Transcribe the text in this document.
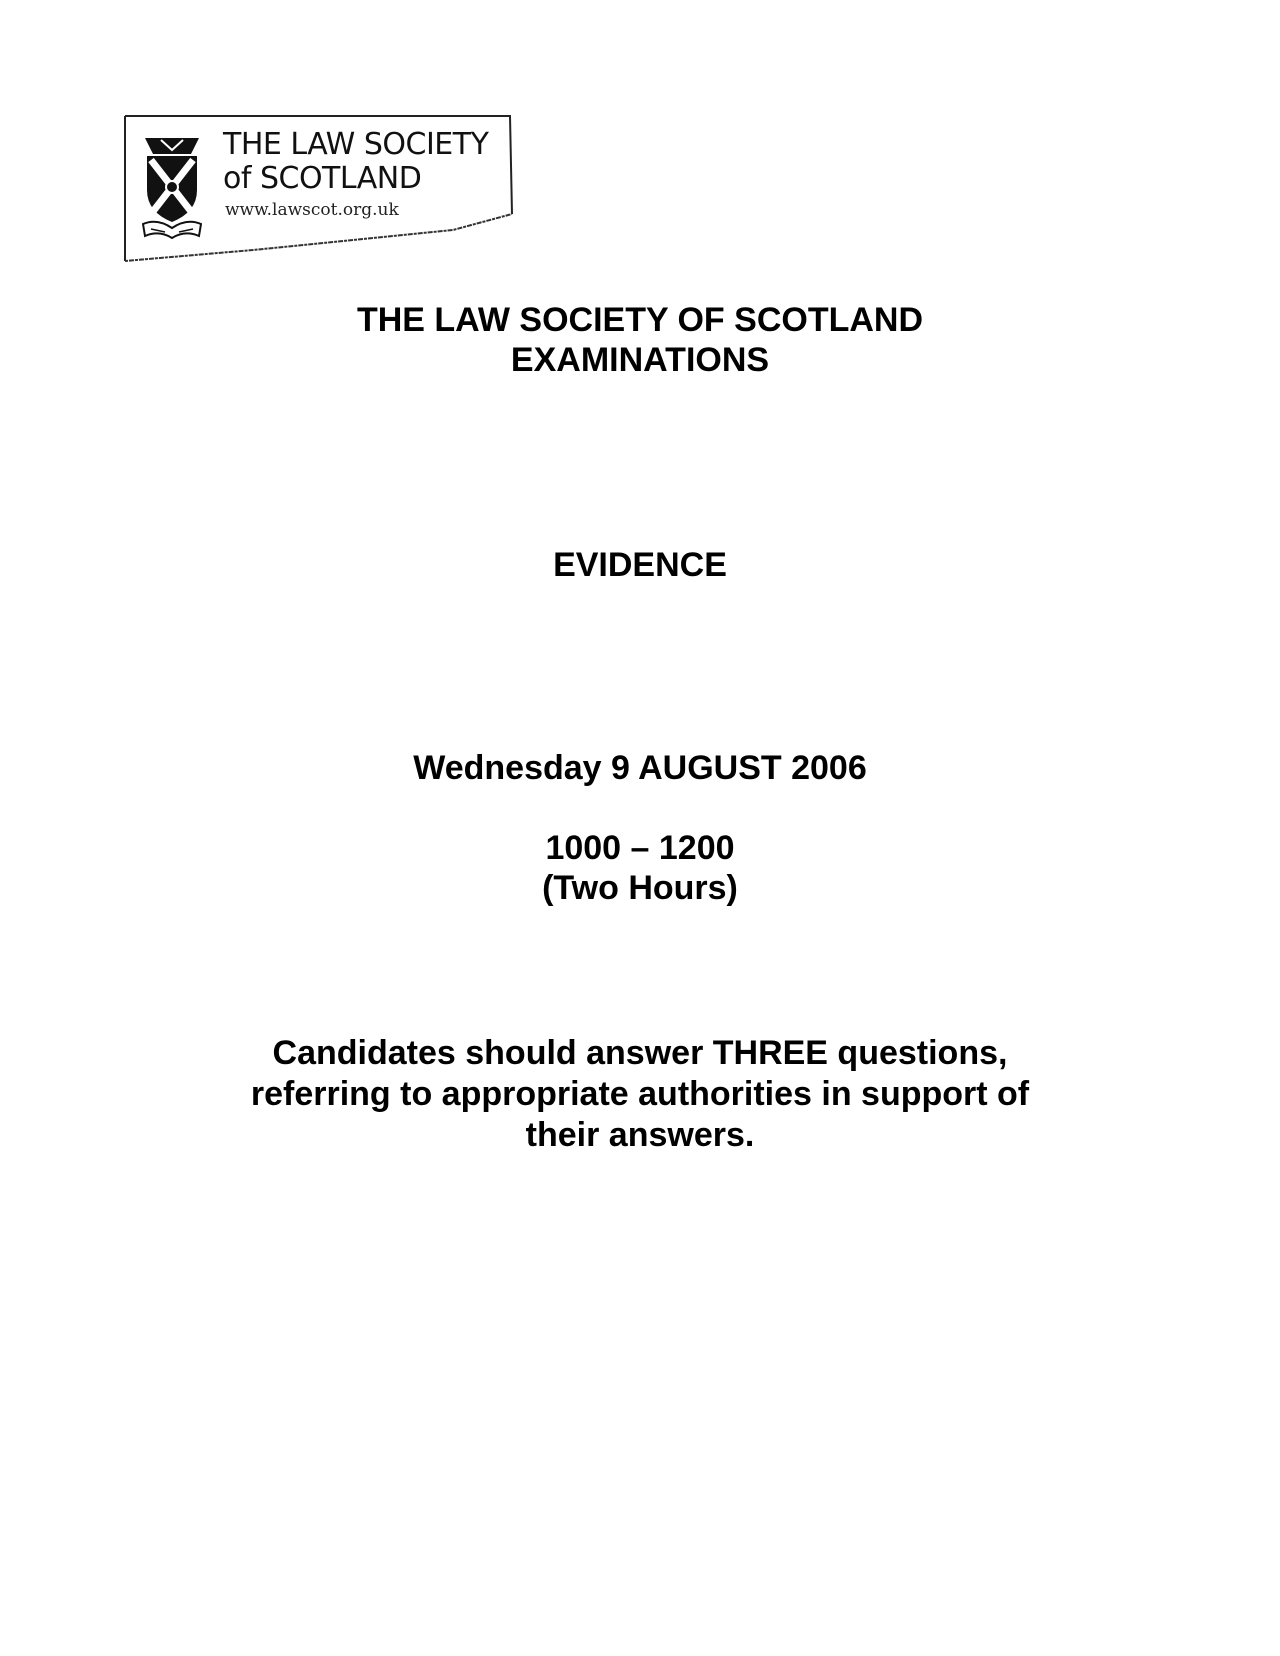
THE LAW SOCIETY
of SCOTLAND
www.lawscot.org.uk
THE LAW SOCIETY OF SCOTLAND
EXAMINATIONS
EVIDENCE
Wednesday 9 AUGUST 2006
1000 – 1200
(Two Hours)
Candidates should answer THREE questions,
referring to appropriate authorities in support of
their answers.
